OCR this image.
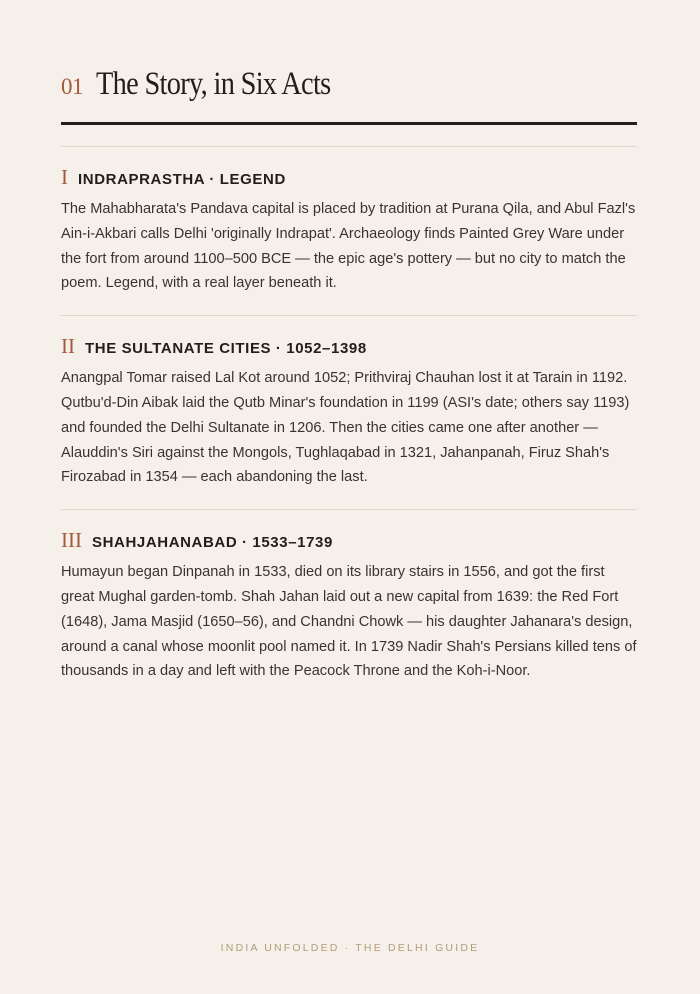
01 The Story, in Six Acts
I INDRAPRASTHA · LEGEND

The Mahabharata's Pandava capital is placed by tradition at Purana Qila, and Abul Fazl's Ain-i-Akbari calls Delhi 'originally Indrapat'. Archaeology finds Painted Grey Ware under the fort from around 1100–500 BCE — the epic age's pottery — but no city to match the poem. Legend, with a real layer beneath it.

II THE SULTANATE CITIES · 1052–1398

Anangpal Tomar raised Lal Kot around 1052; Prithviraj Chauhan lost it at Tarain in 1192. Qutbu'd-Din Aibak laid the Qutb Minar's foundation in 1199 (ASI's date; others say 1193) and founded the Delhi Sultanate in 1206. Then the cities came one after another — Alauddin's Siri against the Mongols, Tughlaqabad in 1321, Jahanpanah, Firuz Shah's Firozabad in 1354 — each abandoning the last.

III SHAHJAHANABAD · 1533–1739

Humayun began Dinpanah in 1533, died on its library stairs in 1556, and got the first great Mughal garden-tomb. Shah Jahan laid out a new capital from 1639: the Red Fort (1648), Jama Masjid (1650–56), and Chandni Chowk — his daughter Jahanara's design, around a canal whose moonlit pool named it. In 1739 Nadir Shah's Persians killed tens of thousands in a day and left with the Peacock Throne and the Koh-i-Noor.

INDIA UNFOLDED · THE DELHI GUIDE
